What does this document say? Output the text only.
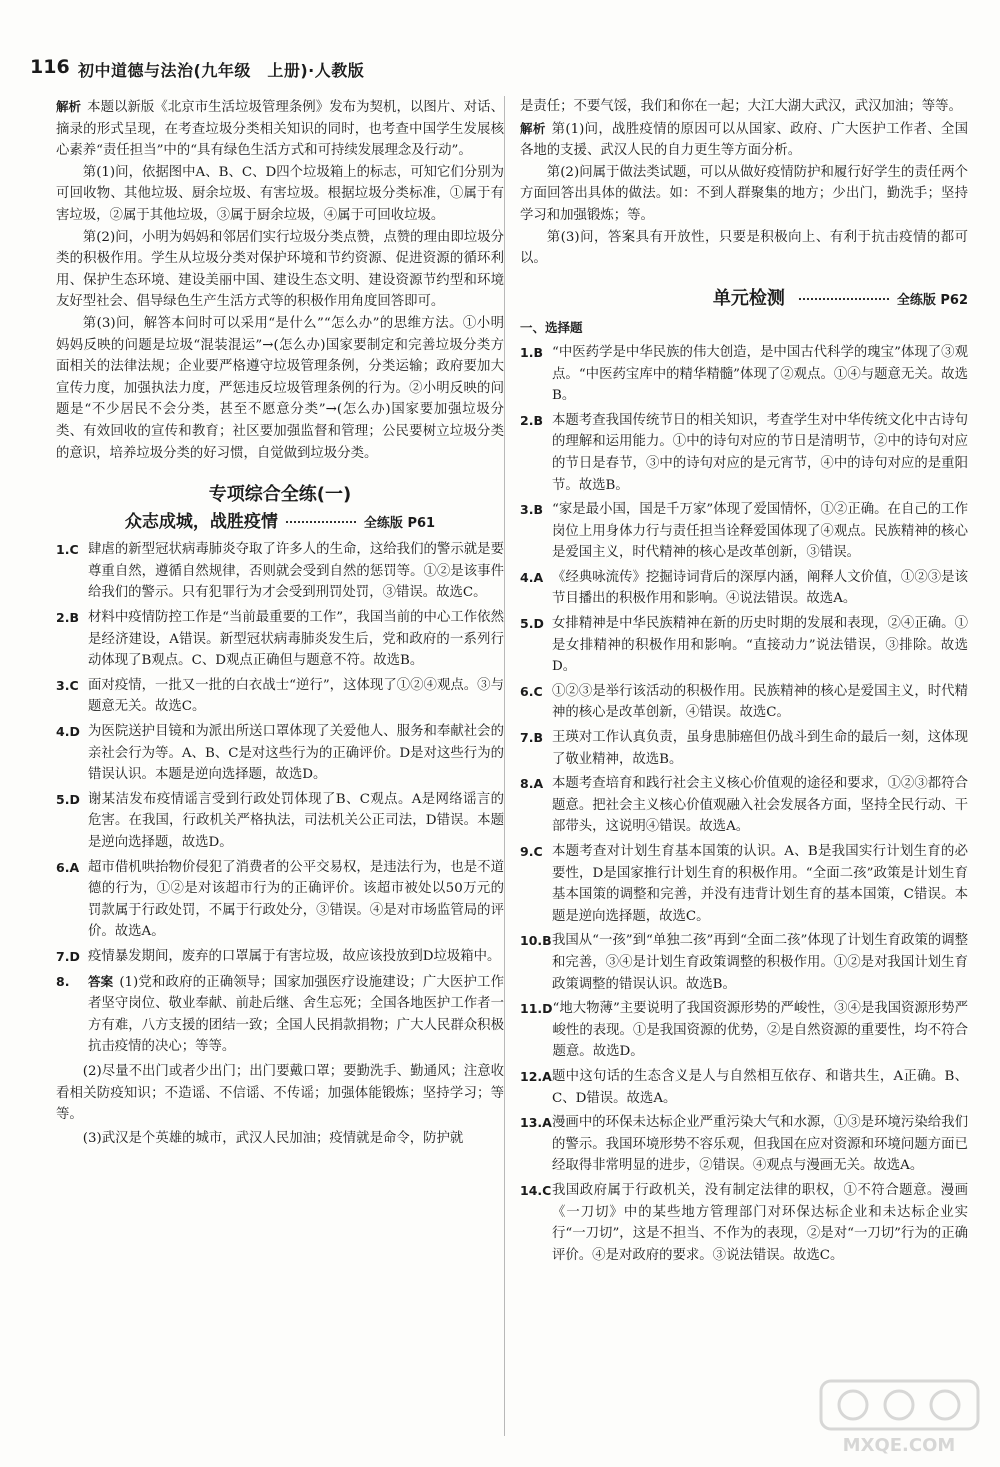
116 初中道德与法治(九年级　上册)·人教版

解析 本题以新版《北京市生活垃圾管理条例》发布为契机，以图片、对话、摘录的形式呈现，在考查垃圾分类相关知识的同时，也考查中国学生发展核心素养“责任担当”中的“具有绿色生活方式和可持续发展理念及行动”。

第(1)问，依据图中A、B、C、D四个垃圾箱上的标志，可知它们分别为可回收物、其他垃圾、厨余垃圾、有害垃圾。根据垃圾分类标准，①属于有害垃圾，②属于其他垃圾，③属于厨余垃圾，④属于可回收垃圾。

第(2)问，小明为妈妈和邻居们实行垃圾分类点赞，点赞的理由即垃圾分类的积极作用。学生从垃圾分类对保护环境和节约资源、促进资源的循环利用、保护生态环境、建设美丽中国、建设生态文明、建设资源节约型和环境友好型社会、倡导绿色生产生活方式等的积极作用角度回答即可。

第(3)问，解答本问时可以采用“是什么”“怎么办”的思维方法。①小明妈妈反映的问题是垃圾“混装混运”→(怎么办)国家要制定和完善垃圾分类方面相关的法律法规；企业要严格遵守垃圾管理条例，分类运输；政府要加大宣传力度，加强执法力度，严惩违反垃圾管理条例的行为。②小明反映的问题是“不少居民不会分类，甚至不愿意分类”→(怎么办)国家要加强垃圾分类、有效回收的宣传和教育；社区要加强监督和管理；公民要树立垃圾分类的意识，培养垃圾分类的好习惯，自觉做到垃圾分类。

专项综合全练(一)
众志成城，战胜疫情	全练版 P61
1.C 肆虐的新型冠状病毒肺炎夺取了许多人的生命，这给我们的警示就是要尊重自然，遵循自然规律，否则就会受到自然的惩罚等。①②是该事件给我们的警示。只有犯罪行为才会受到刑罚处罚，③错误。故选C。
2.B 材料中疫情防控工作是“当前最重要的工作”，我国当前的中心工作依然是经济建设，A错误。新型冠状病毒肺炎发生后，党和政府的一系列行动体现了B观点。C、D观点正确但与题意不符。故选B。
3.C 面对疫情，一批又一批的白衣战士“逆行”，这体现了①②④观点。③与题意无关。故选C。
4.D 为医院送护目镜和为派出所送口罩体现了关爱他人、服务和奉献社会的亲社会行为等。A、B、C是对这些行为的正确评价。D是对这些行为的错误认识。本题是逆向选择题，故选D。
5.D 谢某洁发布疫情谣言受到行政处罚体现了B、C观点。A是网络谣言的危害。在我国，行政机关严格执法，司法机关公正司法，D错误。本题是逆向选择题，故选D。
6.A 超市借机哄抬物价侵犯了消费者的公平交易权，是违法行为，也是不道德的行为，①②是对该超市行为的正确评价。该超市被处以50万元的罚款属于行政处罚，不属于行政处分，③错误。④是对市场监管局的评价。故选A。
7.D 疫情暴发期间，废弃的口罩属于有害垃圾，故应该投放到D垃圾箱中。
8.	答案 (1)党和政府的正确领导；国家加强医疗设施建设；广大医护工作者坚守岗位、敬业奉献、前赴后继、舍生忘死；全国各地医护工作者一方有难，八方支援的团结一致；全国人民捐款捐物；广大人民群众积极抗击疫情的决心；等等。

(2)尽量不出门或者少出门；出门要戴口罩；要勤洗手、勤通风；注意收看相关防疫知识；不造谣、不信谣、不传谣；加强体能锻炼；坚持学习；等等。

(3)武汉是个英雄的城市，武汉人民加油；疫情就是命令，防护就

是责任；不要气馁，我们和你在一起；大江大湖大武汉，武汉加油；等等。

解析 第(1)问，战胜疫情的原因可以从国家、政府、广大医护工作者、全国各地的支援、武汉人民的自力更生等方面分析。

第(2)问属于做法类试题，可以从做好疫情防护和履行好学生的责任两个方面回答出具体的做法。如：不到人群聚集的地方；少出门，勤洗手；坚持学习和加强锻炼；等。

第(3)问，答案具有开放性，只要是积极向上、有利于抗击疫情的都可以。

单元检测	全练版 P62
一、选择题
1.B “中医药学是中华民族的伟大创造，是中国古代科学的瑰宝”体现了③观点。“中医药宝库中的精华精髓”体现了②观点。①④与题意无关。故选B。
2.B 本题考查我国传统节日的相关知识，考查学生对中华传统文化中古诗句的理解和运用能力。①中的诗句对应的节日是清明节，②中的诗句对应的节日是春节，③中的诗句对应的是元宵节，④中的诗句对应的是重阳节。故选B。
3.B “家是最小国，国是千万家”体现了爱国情怀，①②正确。在自己的工作岗位上用身体力行与责任担当诠释爱国体现了④观点。民族精神的核心是爱国主义，时代精神的核心是改革创新，③错误。
4.A 《经典咏流传》挖掘诗词背后的深厚内涵，阐释人文价值，①②③是该节目播出的积极作用和影响。④说法错误。故选A。
5.D 女排精神是中华民族精神在新的历史时期的发展和表现，②④正确。①是女排精神的积极作用和影响。“直接动力”说法错误，③排除。故选D。
6.C ①②③是举行该活动的积极作用。民族精神的核心是爱国主义，时代精神的核心是改革创新，④错误。故选C。
7.B 王瑛对工作认真负责，虽身患肺癌但仍战斗到生命的最后一刻，这体现了敬业精神，故选B。
8.A 本题考查培育和践行社会主义核心价值观的途径和要求，①②③都符合题意。把社会主义核心价值观融入社会发展各方面，坚持全民行动、干部带头，这说明④错误。故选A。
9.C 本题考查对计划生育基本国策的认识。A、B是我国实行计划生育的必要性，D是国家推行计划生育的积极作用。“全面二孩”政策是计划生育基本国策的调整和完善，并没有违背计划生育的基本国策，C错误。本题是逆向选择题，故选C。
10.B 我国从“一孩”到“单独二孩”再到“全面二孩”体现了计划生育政策的调整和完善，③④是计划生育政策调整的积极作用。①②是对我国计划生育政策调整的错误认识。故选B。
11.D “地大物薄”主要说明了我国资源形势的严峻性，③④是我国资源形势严峻性的表现。①是我国资源的优势，②是自然资源的重要性，均不符合题意。故选D。
12.A 题中这句话的生态含义是人与自然相互依存、和谐共生，A正确。B、C、D错误。故选A。
13.A 漫画中的环保未达标企业严重污染大气和水源，①③是环境污染给我们的警示。我国环境形势不容乐观，但我国在应对资源和环境问题方面已经取得非常明显的进步，②错误。④观点与漫画无关。故选A。
14.C 我国政府属于行政机关，没有制定法律的职权，①不符合题意。漫画《一刀切》中的某些地方管理部门对环保达标企业和未达标企业实行“一刀切”，这是不担当、不作为的表现，②是对“一刀切”行为的正确评价。④是对政府的要求。③说法错误。故选C。
MXQE.COM
